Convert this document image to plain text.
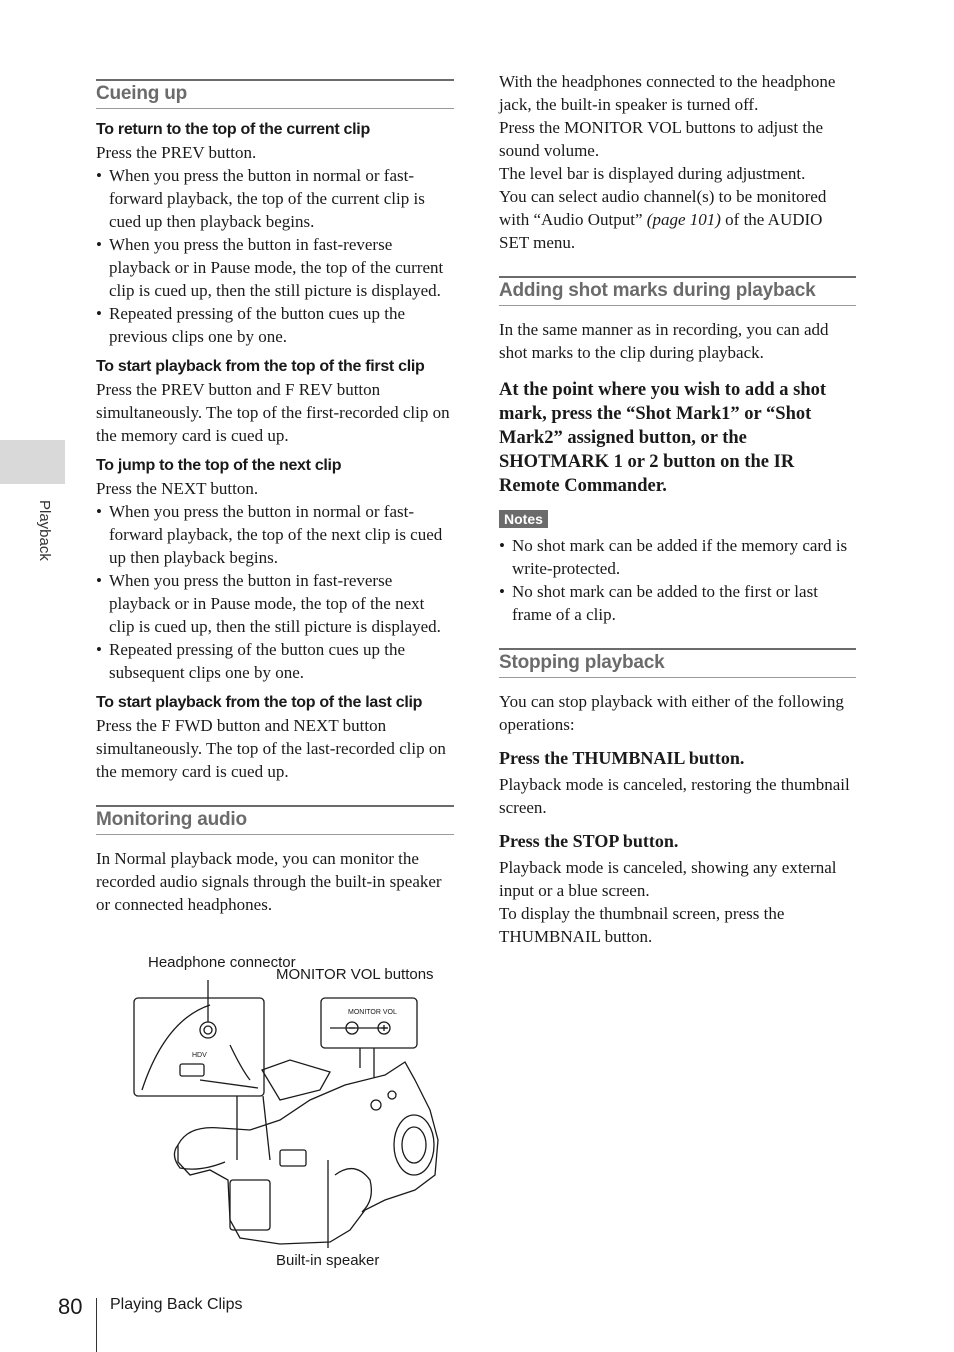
Playback
Cueing up
To return to the top of the current clip

Press the PREV button.

• When you press the button in normal or fast-forward playback, the top of the current clip is cued up then playback begins.
• When you press the button in fast-reverse playback or in Pause mode, the top of the current clip is cued up, then the still picture is displayed.
• Repeated pressing of the button cues up the previous clips one by one.
To start playback from the top of the first clip

Press the PREV button and F REV button simultaneously. The top of the first-recorded clip on the memory card is cued up.

To jump to the top of the next clip

Press the NEXT button.

• When you press the button in normal or fast-forward playback, the top of the next clip is cued up then playback begins.
• When you press the button in fast-reverse playback or in Pause mode, the top of the next clip is cued up, then the still picture is displayed.
• Repeated pressing of the button cues up the subsequent clips one by one.
To start playback from the top of the last clip

Press the F FWD button and NEXT button simultaneously. The top of the last-recorded clip on the memory card is cued up.

Monitoring audio

In Normal playback mode, you can monitor the recorded audio signals through the built-in speaker or connected headphones.

Headphone connector
MONITOR VOL buttons
Built-in speaker
MONITOR VOL
HDV

With the headphones connected to the headphone jack, the built-in speaker is turned off.

Press the MONITOR VOL buttons to adjust the sound volume.

The level bar is displayed during adjustment.

You can select audio channel(s) to be monitored with “Audio Output” (page 101) of the AUDIO SET menu.

Adding shot marks during playback

In the same manner as in recording, you can add shot marks to the clip during playback.

At the point where you wish to add a shot mark, press the “Shot Mark1” or “Shot Mark2” assigned button, or the SHOTMARK 1 or 2 button on the IR Remote Commander.
Notes
• No shot mark can be added if the memory card is write-protected.
• No shot mark can be added to the first or last frame of a clip.
Stopping playback

You can stop playback with either of the following operations:

Press the THUMBNAIL button.

Playback mode is canceled, restoring the thumbnail screen.

Press the STOP button.

Playback mode is canceled, showing any external input or a blue screen.

To display the thumbnail screen, press the THUMBNAIL button.

80 Playing Back Clips
